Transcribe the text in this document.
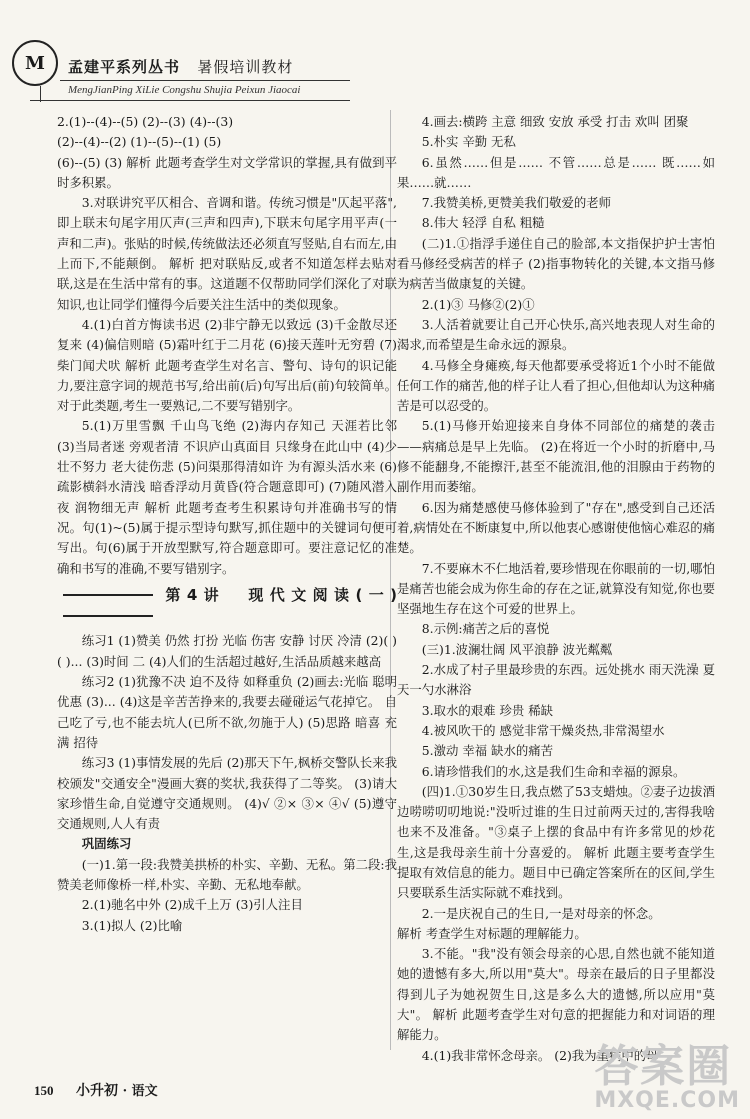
M 孟建平系列丛书 暑假培训教材
MengJianPing XiLie Congshu Shujia Peixun Jiaocai

2.(1)--(4)--(5) (2)--(3) (4)--(3)

(2)--(4)--(2) (1)--(5)--(1) (5)

(6)--(5) (3) 解析 此题考查学生对文学常识的掌握,具有做到平时多积累。

3.对联讲究平仄相合、音调和谐。传统习惯是"仄起平落",即上联末句尾字用仄声(三声和四声),下联末句尾字用平声(一声和二声)。张贴的时候,传统做法还必须直写竖贴,自右而左,由上而下,不能颠倒。 解析 把对联贴反,或者不知道怎样去贴对联,这是在生活中常有的事。这道题不仅帮助同学们深化了对联知识,也让同学们懂得今后要关注生活中的类似现象。

4.(1)白首方悔读书迟 (2)非宁静无以致远 (3)千金散尽还复来 (4)偏信则暗 (5)霜叶红于二月花 (6)接天莲叶无穷碧 (7)柴门闻犬吠 解析 此题考查学生对名言、警句、诗句的识记能力,要注意字词的规范书写,给出前(后)句写出后(前)句较简单。对于此类题,考生一要熟记,二不要写错别字。

5.(1)万里雪飘 千山鸟飞绝 (2)海内存知己 天涯若比邻 (3)当局者迷 旁观者清 不识庐山真面目 只缘身在此山中 (4)少壮不努力 老大徒伤悲 (5)问渠那得清如许 为有源头活水来 (6)疏影横斜水清浅 暗香浮动月黄昏(符合题意即可) (7)随风潜入夜 润物细无声 解析 此题考查考生积累诗句并准确书写的情况。句(1)~(5)属于提示型诗句默写,抓住题中的关键词句便可写出。句(6)属于开放型默写,符合题意即可。要注意记忆的准确和书写的准确,不要写错别字。

第4讲 现代文阅读(一)

练习1 (1)赞美 仍然 打扮 光临 伤害 安静 讨厌 冷清 (2)( )( )... (3)时间 二 (4)人们的生活超过越好,生活品质越来越高

练习2 (1)犹豫不决 迫不及待 如释重负 (2)画去:光临 聪明 优惠 (3)... (4)这是辛苦苦挣来的,我要去碰碰运气花掉它。 自己吃了亏,也不能去坑人(已所不欲,勿施于人) (5)思路 暗喜 充满 招待

练习3 (1)事情发展的先后 (2)那天下午,枫桥交警队长来我校颁发"交通安全"漫画大赛的奖状,我获得了二等奖。 (3)请大家珍惜生命,自觉遵守交通规则。 (4)√ ②× ③× ④√ (5)遵守交通规则,人人有责

巩固练习

(一)1.第一段:我赞美拱桥的朴实、辛勤、无私。第二段:我赞美老师像桥一样,朴实、辛勤、无私地奉献。

2.(1)驰名中外 (2)成千上万 (3)引人注目

3.(1)拟人 (2)比喻

4.画去:横跨 主意 细致 安放 承受 打击 欢叫 团聚

5.朴实 辛勤 无私

6.虽然……但是…… 不管……总是…… 既……如果……就……

7.我赞美桥,更赞美我们敬爱的老师

8.伟大 轻浮 自私 粗糙

(二)1.①指浮手递住自己的脸部,本文指保护护士害怕看马修经受病苦的样子 (2)指事物转化的关键,本文指马修为病苦当做康复的关键。

2.(1)③ 马修②(2)①

3.人活着就要让自己开心快乐,高兴地表现人对生命的渴求,而希望是生命永远的源泉。

4.马修全身瘫痪,每天他都要承受将近1个小时不能做任何工作的痛苦,他的样子让人看了担心,但他却认为这种痛苦是可以忍受的。

5.(1)马修开始迎接来自身体不同部位的痛楚的袭击——病痛总是早上先临。 (2)在将近一个小时的折磨中,马修不能翻身,不能擦汗,甚至不能流泪,他的泪腺由于药物的副作用而萎缩。

6.因为痛楚感使马修体验到了"存在",感受到自己还活着,病情处在不断康复中,所以他衷心感谢使他恼心难忍的痛楚。

7.不要麻木不仁地活着,要珍惜现在你眼前的一切,哪怕是痛苦也能会成为你生命的存在之证,就算没有知觉,你也要坚强地生存在这个可爱的世界上。

8.示例:痛苦之后的喜悦

(三)1.波澜壮阔 风平浪静 波光粼粼

2.水成了村子里最珍贵的东西。远处挑水 雨天洗澡 夏天一勺水淋浴

3.取水的艰难 珍贵 稀缺

4.被风吹干的 感觉非常干燥炎热,非常渴望水

5.激动 幸福 缺水的痛苦

6.请珍惜我们的水,这是我们生命和幸福的源泉。

(四)1.①30岁生日,我点燃了53支蜡烛。②妻子边拔酒边唠唠叨叨地说:"没听过谁的生日过前两天过的,害得我啥也来不及准备。"③桌子上摆的食品中有许多常见的炒花生,这是我母亲生前十分喜爱的。 解析 此题主要考查学生提取有效信息的能力。题目中已确定答案所在的区间,学生只要联系生活实际就不难找到。

2.一是庆祝自己的生日,一是对母亲的怀念。

解析 考查学生对标题的理解能力。

3.不能。"我"没有领会母亲的心思,自然也就不能知道她的遗憾有多大,所以用"莫大"。母亲在最后的日子里都没得到儿子为她祝贺生日,这是多么大的遗憾,所以应用"莫大"。 解析 此题考查学生对句意的把握能力和对词语的理解能力。

4.(1)我非常怀念母亲。 (2)我为重病中的母

150 小升初 · 语文	答案圈
MXQE.COM
